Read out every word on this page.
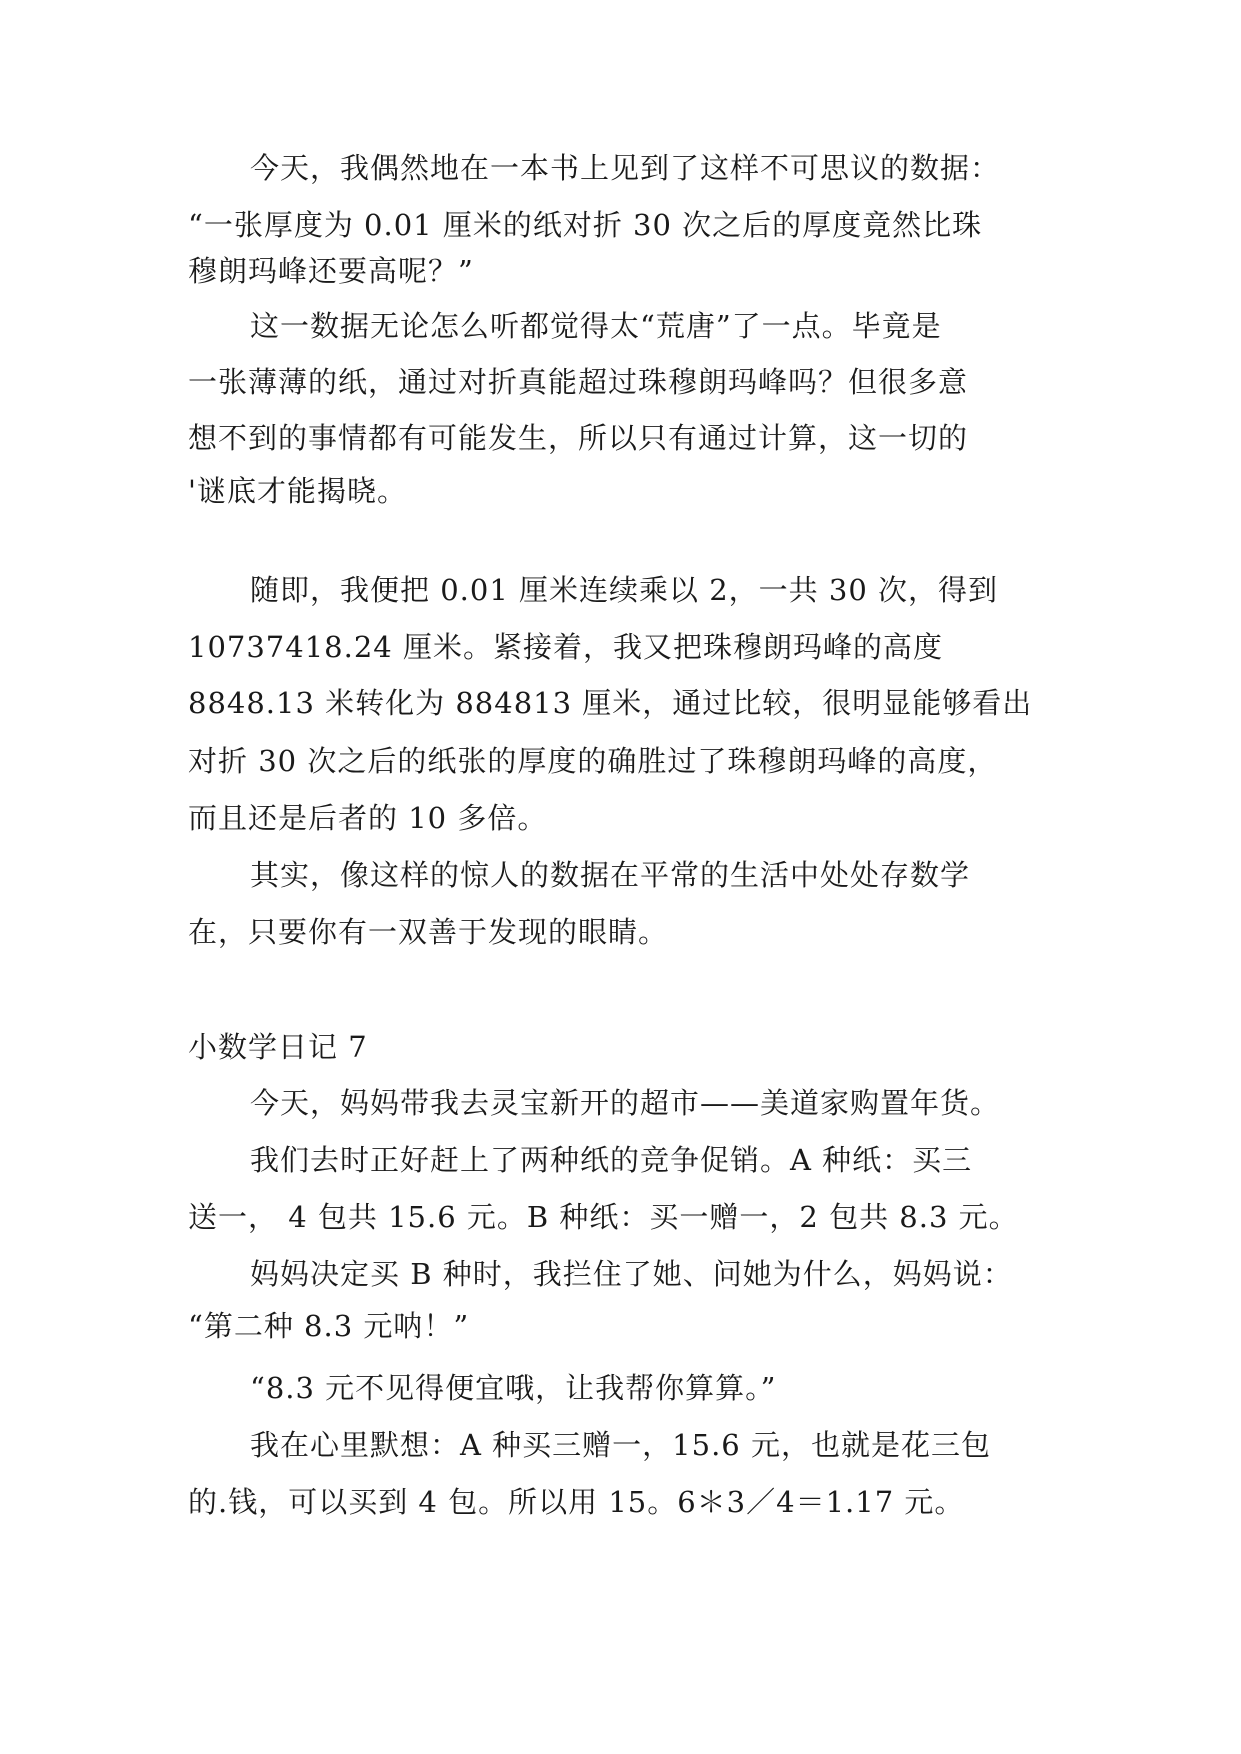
今天，我偶然地在一本书上见到了这样不可思议的数据：
“一张厚度为 0.01 厘米的纸对折 30 次之后的厚度竟然比珠
穆朗玛峰还要高呢？”
这一数据无论怎么听都觉得太“荒唐”了一点。毕竟是
一张薄薄的纸，通过对折真能超过珠穆朗玛峰吗？但很多意
想不到的事情都有可能发生，所以只有通过计算，这一切的
'谜底才能揭晓。
随即，我便把 0.01 厘米连续乘以 2，一共 30 次，得到
10737418.24 厘米。紧接着，我又把珠穆朗玛峰的高度
8848.13 米转化为 884813 厘米，通过比较，很明显能够看出
对折 30 次之后的纸张的厚度的确胜过了珠穆朗玛峰的高度，
而且还是后者的 10 多倍。
其实，像这样的惊人的数据在平常的生活中处处存数学
在，只要你有一双善于发现的眼睛。
小数学日记 7
今天，妈妈带我去灵宝新开的超市——美道家购置年货。
我们去时正好赶上了两种纸的竞争促销。A 种纸：买三
送一， 4 包共 15.6 元。B 种纸：买一赠一，2 包共 8.3 元。
妈妈决定买 B 种时，我拦住了她、问她为什么，妈妈说：
“第二种 8.3 元呐！”
“8.3 元不见得便宜哦，让我帮你算算。”
我在心里默想：A 种买三赠一，15.6 元，也就是花三包
的.钱，可以买到 4 包。所以用 15。6＊3／4＝1.17 元。
